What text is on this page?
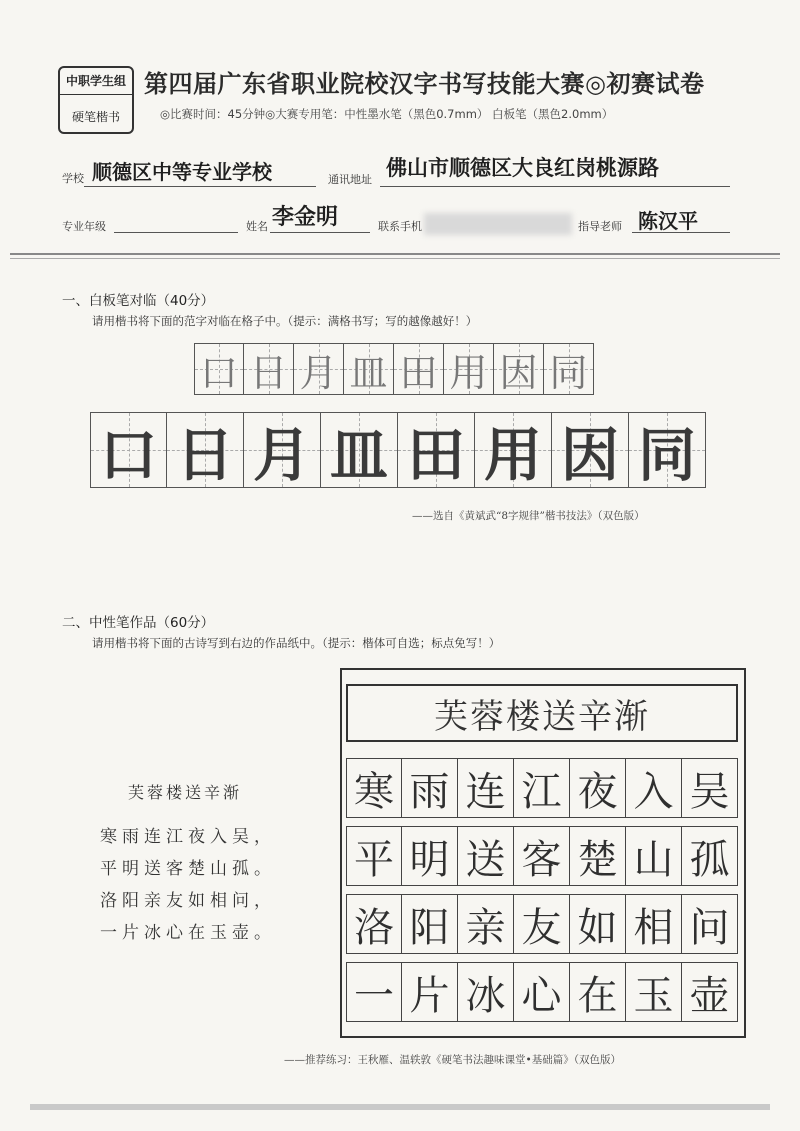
中职学生组
硬笔楷书
第四届广东省职业院校汉字书写技能大赛◎初赛试卷
◎比赛时间：45分钟◎大赛专用笔：中性墨水笔（黑色0.7mm） 白板笔（黑色2.0mm）
学校 顺德区中等专业学校	通讯地址 佛山市顺德区大良红岗桃源路
专业年级	姓名 李金明	联系手机	指导老师 陈汉平
一、白板笔对临（40分）
请用楷书将下面的范字对临在格子中。（提示：满格书写；写的越像越好！）
口 日 月 皿 田 用 因 同
口 日 月 皿 田 用 因 同
——选自《黄斌武“8字规律”楷书技法》（双色版）
二、中性笔作品（60分）
请用楷书将下面的古诗写到右边的作品纸中。（提示：楷体可自选；标点免写！）
芙蓉楼送辛渐
寒雨连江夜入吴，
平明送客楚山孤。
洛阳亲友如相问，
一片冰心在玉壶。
芙蓉楼送辛渐
寒 雨 连 江 夜 入 吴
平 明 送 客 楚 山 孤
洛 阳 亲 友 如 相 问
一 片 冰 心 在 玉 壶
——推荐练习：王秋雁、温轶敦《硬笔书法趣味课堂•基础篇》（双色版）
